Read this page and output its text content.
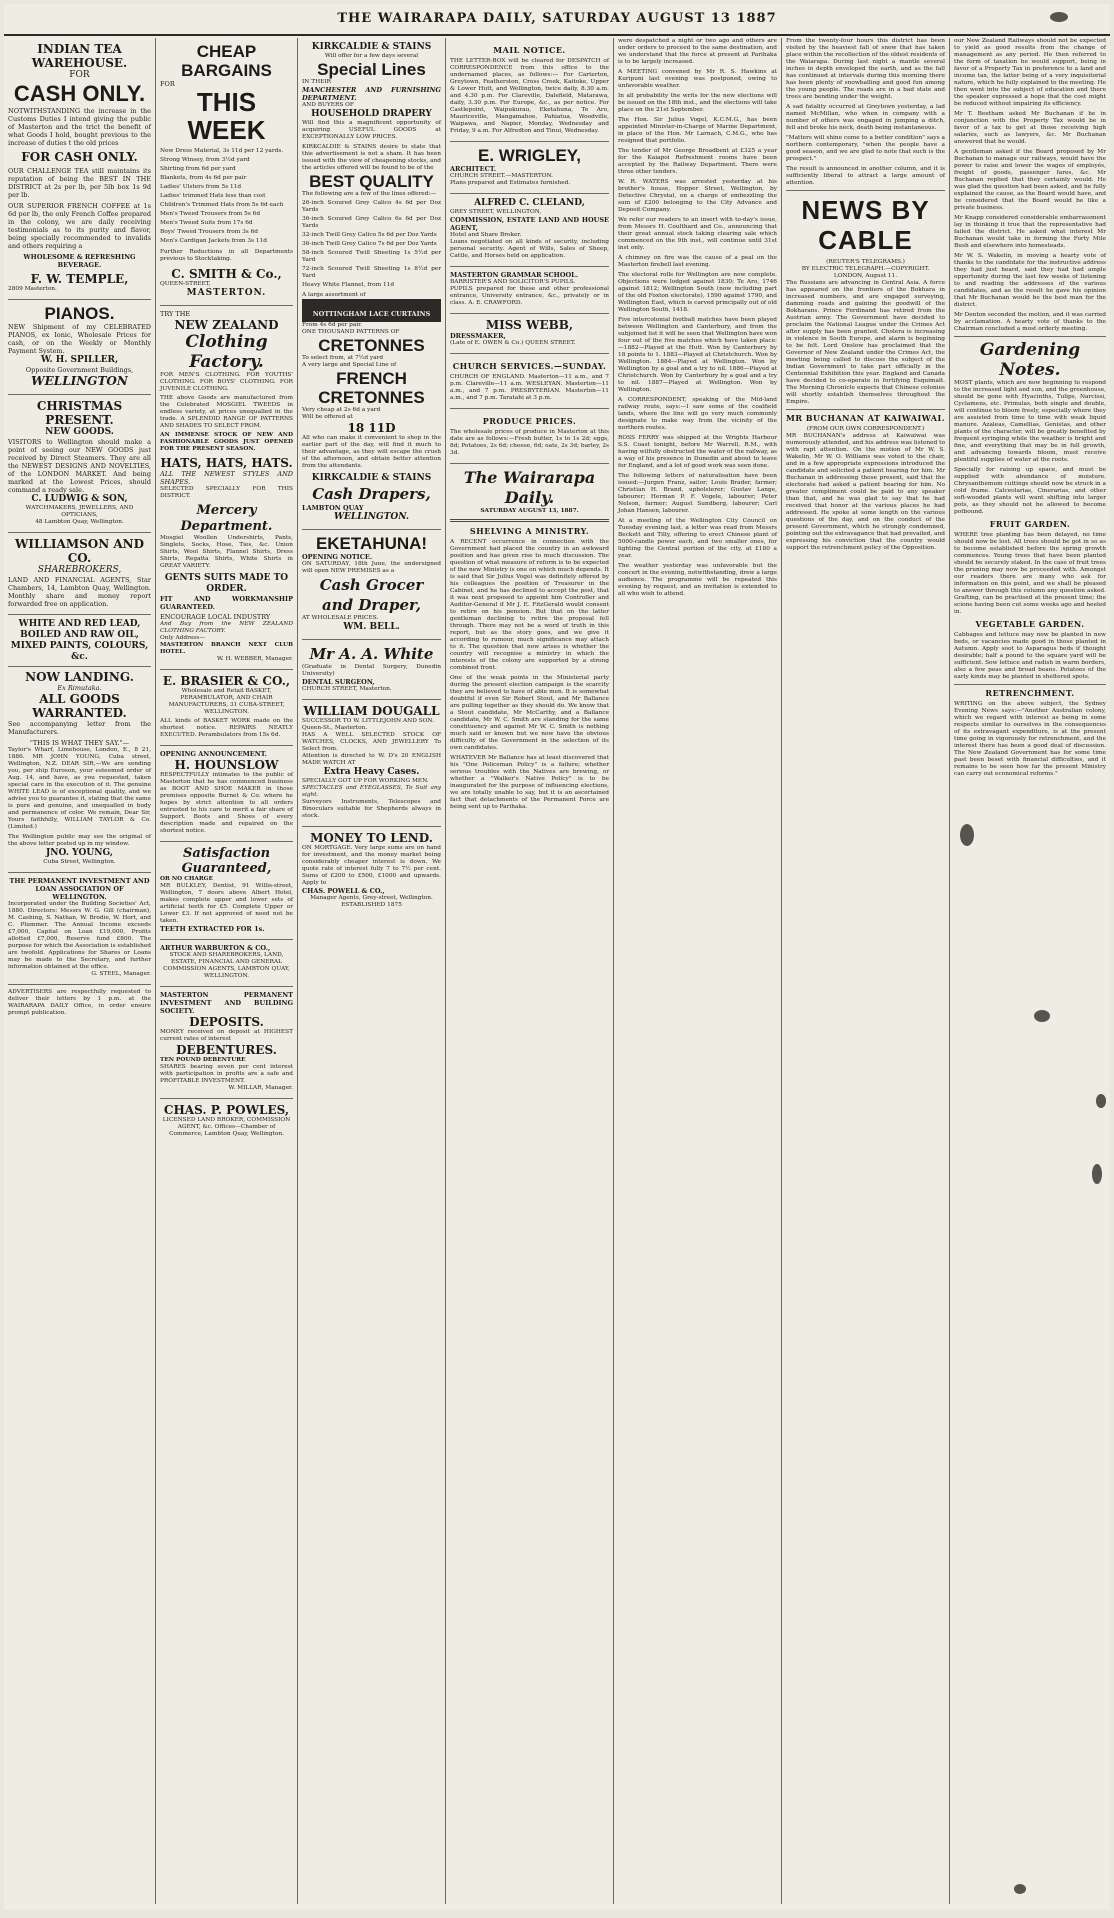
THE WAIRARAPA DAILY, SATURDAY AUGUST 13 1887
INDIAN TEA WAREHOUSE.
FOR
CASH ONLY.
NOTWITHSTANDING the increase in the Customs Duties I intend giving the public of Masterton and the trict the benefit of what Goods I hold, bought previous to the increase of duties t the old prices
FOR CASH ONLY.
OUR CHALLENGE TEA still maintains its reputation of being the BEST IN THE DISTRICT at 2s per lb, per 5lb box 1s 9d per lb.
OUR SUPERIOR FRENCH COFFEE at 1s 6d per lb, the only French Coffee prepared in the colony, we are daily receiving testimonials as to its purity and flavor, being specially recommended to invalids and others requiring a
WHOLESOME & REFRESHING BEVERAGE.
F. W. TEMPLE,
2809 Masterton.
PIANOS.
NEW Shipment of my CELEBRATED PIANOS, ex Ionic, Wholesale Prices for cash, or on the Weekly or Monthly Payment System.
W. H. SPILLER,
Opposite Government Buildings,
WELLINGTON
CHRISTMAS PRESENT.
NEW GOODS.
VISITORS to Wellington should make a point of seeing our NEW GOODS just received by Direct Steamers. They are all the NEWEST DESIGNS AND NOVELTIES, of the LONDON MARKET. And being marked at the Lowest Prices, should command a ready sale.
C. LUDWIG & SON,
WATCHMAKERS, JEWELLERS, AND OPTICIANS,
48 Lambton Quay, Wellington.
WILLIAMSON AND CO.
SHAREBROKERS,
LAND AND FINANCIAL AGENTS, Star Chambers, 14, Lambton Quay, Wellington. Monthly share and money report forwarded free on application.
WHITE AND RED LEAD,
BOILED AND RAW OIL,
MIXED PAINTS, COLOURS, &c.
NOW LANDING.
Ex Rimutaka.
ALL GOODS WARRANTED.
See accompanying letter from the Manufacturers.
"THIS IS WHAT THEY SAY."—
Taylor's Wharf, Limehouse, London, E., 8 21, 1886. MR JOHN YOUNG, Cuba street, Wellington, N.Z. DEAR SIR,—We are sending you, per ship Euroson, your esteemed order of Aug. 14, and have, as you requested, taken special care in the execution of it. The genuine WHITE LEAD is of exceptional quality, and we advise you to guarantee it, stating that the same is pure and genuine, and unequalled in body and permanence of color. We remain, Dear Sir, Yours faithfully, WILLIAM TAYLOR & Co. (Limited.)
The Wellington public may see the original of the above letter posted up in my window.
JNO. YOUNG,
Cuba Street, Wellington.
THE PERMANENT INVESTMENT AND LOAN ASSOCIATION OF WELLINGTON.
Incorporated under the Building Societies' Act, 1880. Directors: Messrs W. G. Gill (chairman), M. Cashing, S. Nathan, W. Brodie, W. Hort, and C. Plummer. The Annual Income exceeds £7,000, Capital on Loan £19,000, Profits allotted £7,000, Reserve fund £800. The purpose for which the Association is established are twofold. Applications for Shares or Loans may be made to the Secretary, and further information obtained at the office.
G. STEEL, Manager.
ADVERTISERS are respectfully requested to deliver their letters by 1 p.m. at the WAIRARAPA DAILY Office, in order ensure prompt publication.
CHEAP BARGAINS
FOR
THIS WEEK
New Dress Material, 3s 11d per 12 yards.
Strong Winsey, from 3½d yard
Shirting from 6d per yard
Blankets, from 4s 6d per pair
Ladies' Ulsters from 5s 11d
Ladies' trimmed Hats less than cost
Children's Trimmed Hats from 5s 6d each
Men's Tweed Trousers from 5s 6d
Men's Tweed Suits from 17s 6d
Boys' Tweed Trousers from 3s 6d
Men's Cardigan Jackets from 3s 11d
Further Reductions in all Departments previous to Stocktaking.
C. SMITH & Co.,
QUEEN-STREET,
MASTERTON.
TRY THE
NEW ZEALAND
Clothing Factory.
FOR MEN'S CLOTHING. FOR YOUTHS' CLOTHING. FOR BOYS' CLOTHING. FOR JUVENILE CLOTHING.
THE above Goods are manufactured from the Celebrated MOSGIEL TWEEDS in endless variety, at prices unequalled in the trade. A SPLENDID RANGE OF PATTERNS AND SHADES TO SELECT FROM.
AN IMMENSE STOCK OF NEW AND FASHIONABLE GOODS JUST OPENED FOR THE PRESENT SEASON.
HATS, HATS, HATS.
ALL THE NEWEST STYLES AND SHAPES.
SELECTED SPECIALLY FOR THIS DISTRICT.
Mercery Department.
Mosgiel Woollen Undershirts, Pants, Singlets, Socks, Hose, Ties, &c. Union Shirts, Wool Shirts, Flannel Shirts, Dress Shirts, Regatta Shirts, White Shirts in GREAT VARIETY.
GENTS SUITS MADE TO ORDER.
FIT AND WORKMANSHIP GUARANTEED.
ENCOURAGE LOCAL INDUSTRY
And Buy from the NEW ZEALAND CLOTHING FACTORY.
Only Address—
MASTERTON BRANCH NEXT CLUB HOTEL.
W. H. WEBBER, Manager.
E. BRASIER & CO.,
Wholesale and Retail BASKET, PERAMBULATOR, AND CHAIR MANUFACTURERS, 31 CUBA-STREET, WELLINGTON.
ALL kinds of BASKET WORK made on the shortest notice. REPAIRS NEATLY EXECUTED. Perambulators from 15s 6d.
OPENING ANNOUNCEMENT.
H. HOUNSLOW
RESPECTFULLY intimates to the public of Masterton that he has commenced business as BOOT AND SHOE MAKER in those premises opposite Burnet & Co. where he hopes by strict attention to all orders entrusted to his care to merit a fair share of Support. Boots and Shoes of every description made and repaired on the shortest notice.
Satisfaction Guaranteed,
OR NO CHARGE
MR BULKLEY, Dentist, 91 Willis-street, Wellington, 7 doors above Albert Hotel, makes complete upper and lower sets of artificial teeth for £5. Complete Upper or Lower £3. If not approved of need not be taken.
TEETH EXTRACTED FOR 1s.
ARTHUR WARBURTON & CO.,
STOCK AND SHAREBROKERS, LAND, ESTATE, FINANCIAL AND GENERAL COMMISSION AGENTS, LAMBTON QUAY, WELLINGTON.
MASTERTON PERMANENT INVESTMENT AND BUILDING SOCIETY.
DEPOSITS.
MONEY received on deposit at HIGHEST current rates of interest
DEBENTURES.
TEN POUND DEBENTURE
SHARES bearing seven per cent interest with participation in profits are a safe and PROFITABLE INVESTMENT.
W. MILLAR, Manager.
CHAS. P. POWLES,
LICENSED LAND BROKER, COMMISSION AGENT, &c. Offices—Chamber of Commerce, Lambton Quay, Wellington.
KIRKCALDIE & STAINS
Will offer for a few days several
Special Lines
IN THEIR
MANCHESTER AND FURNISHING DEPARTMENT.
AND BUYERS OF
HOUSEHOLD DRAPERY
Will find this a magnificent opportunity of acquiring USEFUL GOODS at EXCEPTIONALLY LOW PRICES.
KIRKCALDIE & STAINS desire to state that this advertisement is not a sham. It has been issued with the view of cheapening stocks, and the articles offered will be found to be of the
BEST QUALITY
The following are a few of the lines offered:—
26-inch Scoured Grey Calico 4s 6d per Doz Yards
36-inch Scoured Grey Calico 6s 6d per Doz Yards
32-inch Twill Grey Calico 5s 6d per Doz Yards
36-inch Twill Grey Calico 7s 6d per Doz Yards
58-inch Scoured Twill Sheeting 1s 5½d per Yard
72-inch Scoured Twill Sheeting 1s 8½d per Yard
Heavy White Flannel, from 11d
A large assortment of
NOTTINGHAM LACE CURTAINS
From 4s 6d per pair.
ONE THOUSAND PATTERNS OF
CRETONNES
To select from, at 7½d yard
A very large and Special Line of
FRENCH CRETONNES
Very cheap at 2s 6d a yard
Will be offered at
18 11D
All who can make it convenient to shop in the earlier part of the day, will find it much to their advantage, as they will escape the crush of the afternoon, and obtain better attention from the attendants.
KIRKCALDIE & STAINS
Cash Drapers,
LAMBTON QUAY
WELLINGTON.
EKETAHUNA!
OPENING NOTICE.
ON SATURDAY, 18th June, the undersigned will open NEW PREMISES as a
Cash Grocer and Draper,
AT WHOLESALE PRICES.
WM. BELL.
Mr A. A. White
(Graduate in Dental Surgery, Dunedin University)
DENTAL SURGEON,
CHURCH STREET, Masterton.
WILLIAM DOUGALL
SUCCESSOR TO W. LITTLEJOHN AND SON.
Queen-St., Masterton.
HAS A WELL SELECTED STOCK OF WATCHES, CLOCKS, AND JEWELLERY To Select from.
Attention is directed to W. D's 20 ENGLISH MADE WATCH AT
Extra Heavy Cases.
SPECIALLY GOT UP FOR WORKING MEN.
SPECTACLES and EYEGLASSES, To Suit any sight.
Surveyors Instruments, Telescopes and Binoculars suitable for Shepherds always in stock.
MONEY TO LEND.
ON MORTGAGE. Very large sums are on hand for investment, and the money market being considerably cheaper interest is down. We quote rate of interest fully 7 to 7½ per cent. Sums of £200 to £500, £1000 and upwards. Apply to
CHAS. POWELL & CO.,
Manager Agents, Grey-street, Wellington. ESTABLISHED 1875
MAIL NOTICE.
THE LETTER-BOX will be cleared for DESPATCH of CORRESPONDENCE from this office to the undernamed places, as follows:— For Carterton, Greytown, Featherston, Cross Creek, Kaitoke, Upper & Lower Hutt, and Wellington, twice daily, 8.30 a.m. and 4.30 p.m. For Clareville, Dalefield, Matarawa, daily, 3.30 p.m. For Europe, &c., as per notice. For Castlepoint, Waipukurau, Eketahuna, Te Aro, Mauriceville, Mangamahoe, Pahiatua, Woodville, Waipawa, and Napier, Monday, Wednesday and Friday, 9 a.m. For Alfredton and Tinui, Wednesday.
E. WRIGLEY,
ARCHITECT.
CHURCH STREET.—MASTERTON.
Plans prepared and Estimates furnished.
ALFRED C. CLELAND,
GREY STREET, WELLINGTON,
COMMISSION, ESTATE LAND AND HOUSE AGENT,
Hotel and Share Broker.
Loans negotiated on all kinds of security, including personal security. Agent of Wills, Sales of Sheep, Cattle, and Horses held on application.
MASTERTON GRAMMAR SCHOOL.
BARRISTER'S AND SOLICITOR'S PUPILS.
PUPILS prepared for these and other professional entrance, University entrance, &c., privately or in class. A. E. CRAWFORD.
MISS WEBB,
DRESSMAKER,
(Late of E. OWEN & Co.) QUEEN STREET.
CHURCH SERVICES.—SUNDAY.
CHURCH OF ENGLAND. Masterton—11 a.m., and 7 p.m. Clareville—11 a.m. WESLEYAN. Masterton—11 a.m., and 7 p.m. PRESBYTERIAN. Masterton—11 a.m., and 7 p.m. Taratahi at 3 p.m.
PRODUCE PRICES.
The wholesale prices of produce in Masterton at this date are as follows:—Fresh butter, 1s to 1s 2d; eggs, 8d; Potatoes, 2s 6d; cheese, 6d; oats, 2s 3d; barley, 2s 3d.
The Wairarapa Daily.
SATURDAY AUGUST 13, 1887.
SHELVING A MINISTRY.
A RECENT occurrence in connection with the Government had placed the country in an awkward position and has given rise to much discussion. The question of what measure of reform is to be expected of the new Ministry is one on which much depends. It is said that Sir Julius Vogel was definitely offered by his colleagues the position of Treasurer in the Cabinet, and he has declined to accept the post, that it was next proposed to appoint him Controller and Auditor-General if Mr J. E. FitzGerald would consent to retire on his pension. But that on the latter gentleman declining to retire the proposal fell through. There may not be a word of truth in this report, but as the story goes, and we give it according to rumour, much significance may attach to it. The question that now arises is whether the country will recognise a ministry in which the interests of the colony are supported by a strong combined front.
One of the weak points in the Ministerial party during the present election campaign is the scarcity they are believed to have of able men. It is somewhat doubtful if even Sir Robert Stout, and Mr Ballance are pulling together as they should do. We know that a Stout candidate, Mr McCarthy, and a Ballance candidate, Mr W. C. Smith are standing for the same constituency and against Mr W. C. Smith is nothing much said or known but we now have the obvious difficulty of the Government in the selection of its own candidates.
WHATEVER Mr Ballance has at least discovered that his "One Policeman Policy" is a failure; whether serious troubles with the Natives are brewing, or whether a "Walker's Native Policy" is to be inaugurated for the purpose of influencing elections, we are totally unable to say, but it is an ascertained fact that detachments of the Permanent Force are being sent up to Parihaka.
were despatched a night or two ago and others are under orders to proceed to the same destination, and we understand that the force at present at Parihaka is to be largely increased.
A MEETING convened by Mr R. S. Hawkins at Kuripuni last evening was postponed, owing to unfavorable weather.
In all probability the writs for the new elections will be issued on the 18th inst., and the elections will take place on the 21st September.
The Hon. Sir Julius Vogel, K.C.M.G., has been appointed Minister-in-Charge of Marine Department, in place of the Hon. Mr Larnach, C.M.G., who has resigned that portfolio.
The tender of Mr George Broadbent at £325 a year for the Kaiapoi Refreshment rooms have been accepted by the Railway Department. There were three other tenders.
W. R. WATERS was arrested yesterday at his brother's house, Hopper Street, Wellington, by Detective Chrystal, on a charge of embezzling the sum of £200 belonging to the City Advance and Deposit Company.
We refer our readers to an insert with to-day's issue, from Messrs H. Coulthard and Co., announcing that their great annual stock taking clearing sale which commenced on the 9th inst., will continue until 31st inst only.
A chimney on fire was the cause of a peal on the Masterton firebell last evening.
The electoral rolls for Wellington are now complete. Objections were lodged against 1830; Te Aro, 1746 against 1812; Wellington South (now including part of the old Foxton electorate), 1590 against 1790, and Wellington East, which is carved principally out of old Wellington South, 1418.
Five intercolonial football matches have been played between Wellington and Canterbury, and from the subjoined list it will be seen that Wellington have won four out of the five matches which have taken place:—1882—Played at the Hutt. Won by Canterbury by 18 points to 1. 1883—Played at Christchurch. Won by Wellington. 1884—Played at Wellington. Won by Wellington by a goal and a try to nil. 1886—Played at Christchurch. Won by Canterbury by a goal and a try to nil. 1887—Played at Wellington. Won by Wellington.
A CORRESPONDENT, speaking of the Mid-land railway route, says:—I saw some of the coalfield lands, where the line will go very much commonly designate to make way from the vicinity of the northern routes.
ROSS FERRY was shipped at the Wrights Harbour S.S. Coast tonight, before Mr Warrell, R.M., with having wilfully obstructed the water of the railway, as a way of his presence in Dunedin and about to leave for England, and a lot of good work was seen done.
The following letters of naturalisation have been issued:—Jurgen Franz, sailor; Louis Brader, farmer; Christian H. Brand, upholsterer; Gustav Lange, labourer; Herman P. F. Vogele, labourer; Peter Nelson, farmer; August Sundberg, labourer; Carl Johan Hansen, labourer.
At a meeting of the Wellington City Council on Tuesday evening last, a letter was read from Messrs Beckett and Tilly, offering to erect Chinese plant of 5000-candle power each, and two smaller ones, for lighting the Central portion of the city, at £180 a year.
The weather yesterday was unfavorable but the concert in the evening, notwithstanding, drew a large audience. The programme will be repeated this evening by request, and an invitation is extended to all who wish to attend.
From the twenty-four hours this district has been visited by the heaviest fall of snow that has taken place within the recollection of the oldest residents of the Waiarapa. During last night a mantle several inches in depth enveloped the earth, and as the fall has continued at intervals during this morning there has been plenty of snowballing and good fun among the young people. The roads are in a bad state and trees are bending under the weight.
A sad fatality occurred at Greytown yesterday, a lad named McMillan, who when in company with a number of others was engaged in jumping a ditch, fell and broke his neck, death being instantaneous.
"Matters will shine come to a better condition" says a northern contemporary, "when the people have a good season, and we are glad to note that such is the prospect."
The result is announced in another column, and it is sufficiently liberal to attract a large amount of attention.
NEWS BY CABLE
(REUTER'S TELEGRAMS.)
BY ELECTRIC TELEGRAPH.—COPYRIGHT.
LONDON, August 11.
The Russians are advancing in Central Asia. A force has appeared on the frontiers of the Bokhara in increased numbers, and are engaged surveying, damming roads and gaining the goodwill of the Bokharans. Prince Ferdinand has retired from the Austrian army. The Government have decided to proclaim the National League under the Crimes Act after supply has been granted. Cholera is increasing in violence in South Europe, and alarm is beginning to be felt. Lord Onslow has proclaimed that the Governor of New Zealand under the Crimes Act, the meeting being called to discuss the subject of the Indian Government to take part officially in the Centennial Exhibition this year. England and Canada have decided to co-operate in fortifying Esquimalt. The Morning Chronicle expects that Chinese colonies will shortly establish themselves throughout the Empire.
MR BUCHANAN AT KAIWAIWAI.
(FROM OUR OWN CORRESPONDENT.)
MR BUCHANAN's address at Kaiwaiwai was numerously attended, and his address was listened to with rapt attention. On the motion of Mr W. S. Wakelin, Mr W. O. Williams was voted to the chair, and in a few appropriate expressions introduced the candidate and solicited a patient hearing for him. Mr Buchanan in addressing those present, said that the electorate had asked a patient hearing for him. No greater compliment could be paid to any speaker than that, and he was glad to say that he had received that honor at the various places he had addressed. He spoke at some length on the various questions of the day, and on the conduct of the present Government, which he strongly condemned, pointing out the extravagance that had prevailed, and expressing his conviction that the country would support the retrenchment policy of the Opposition.
our New Zealand Railways should not be expected to yield as good results from the change of management as any period. He then referred to the form of taxation he would support, being in favor of a Property Tax in preference to a land and income tax, the latter being of a very inquisitorial nature, which he fully explained to the meeting. He then went into the subject of education and there the speaker expressed a hope that the cost might be reduced without impairing its efficiency.
Mr T. Beetham asked Mr Buchanan if he in conjunction with the Property Tax would be in favor of a tax to get at those receiving high salaries, such as lawyers, &c. Mr Buchanan answered that he would.
A gentleman asked if the Board proposed by Mr Buchanan to manage our railways, would have the power to raise and lower the wages of employés, freight of goods, passenger fares, &c. Mr Buchanan replied that they certainly would. He was glad the question had been asked, and he fully explained the cause, as the Board would have, and he considered that the Board would be like a private business.
Mr Knapp considered considerable embarrassment lay in thinking it true that the representative had failed the district. He asked what interest Mr Buchanan would take in forming the Forty Mile Bush and elsewhere into homesteads.
Mr W. S. Wakelin, in moving a hearty vote of thanks to the candidate for the instructive address they had just heard, said they had had ample opportunity during the last few weeks of listening to and reading the addresses of the various candidates, and as the result he gave his opinion that Mr Buchanan would be the best man for the district.
Mr Denton seconded the motion, and it was carried by acclamation. A hearty vote of thanks to the Chairman concluded a most orderly meeting.
Gardening Notes.
MOST plants, which are now beginning to respond to the increased light and sun, and the greenhouse, should be gone with Hyacinths, Tulips, Narcissi, Cyclamens, etc. Primulas, both single and double, will continue to bloom freely, especially where they are assisted from time to time with weak liquid manure. Azaleas, Camellias, Genistas, and other plants of the character, will be greatly benefited by frequent syringing while the weather is bright and fine, and everything that may be in full growth, and advancing towards bloom, must receive plentiful supplies of water at the roots.
Specially for raising up space, and must be supplied with abundance of moisture. Chrysanthemum cuttings should now be struck in a cold frame. Calceolarias, Cinerarias, and other soft-wooded plants will want shifting into larger pots, as they should not be allowed to become potbound.
FRUIT GARDEN.
WHERE tree planting has been delayed, no time should now be lost. All trees should be got in so as to become established before the spring growth commences. Young trees that have been planted should be securely staked. In the case of fruit trees the pruning may now be proceeded with. Amongst our readers there are many who ask for information on this point, and we shall be pleased to answer through this column any question asked. Grafting, can be practised at the present time; the scions having been cut some weeks ago and heeled in.
VEGETABLE GARDEN.
Cabbages and lettuce may now be planted in new beds, or vacancies made good in those planted in Autumn. Apply soot to Asparagus beds if thought desirable; half a pound to the square yard will be sufficient. Sow lettuce and radish in warm borders, also a few peas and broad beans. Potatoes of the early kinds may be planted in sheltered spots.
RETRENCHMENT.
WRITING on the above subject, the Sydney Evening News says:—"Another Australian colony, which we regard with interest as being in some respects similar to ourselves in the consequences of its extravagant expenditure, is at the present time going in vigorously for retrenchment, and the interest there has been a good deal of discussion. The New Zealand Government has for some time past been beset with financial difficulties, and it remains to be seen how far the present Ministry can carry out economical reforms."
